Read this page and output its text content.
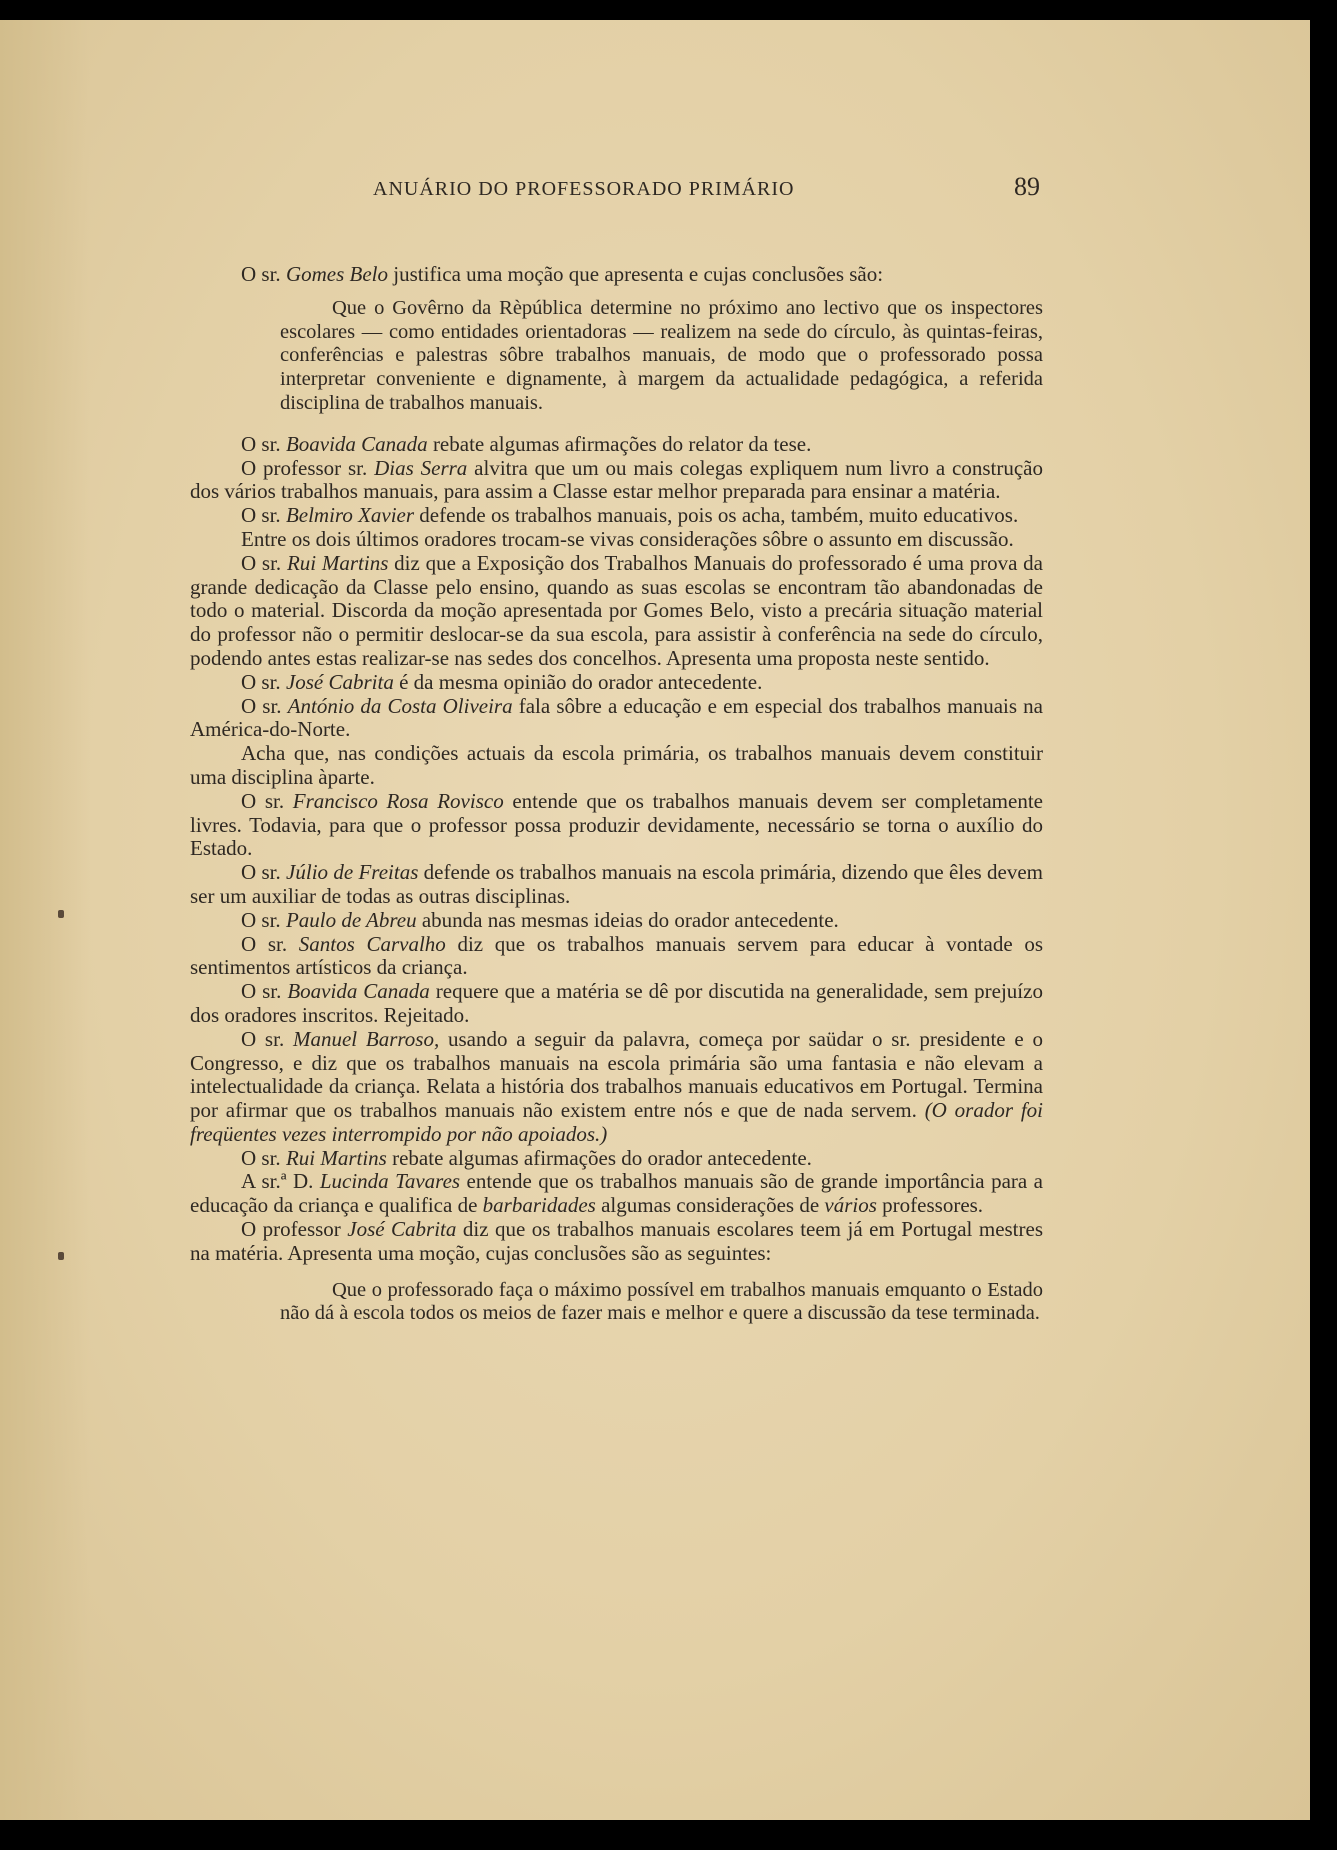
ANUÁRIO DO PROFESSORADO PRIMÁRIO	89

O sr. Gomes Belo justifica uma moção que apresenta e cujas conclusões são:

Que o Govêrno da Rèpública determine no próximo ano lectivo que os inspectores escolares — como entidades orientadoras — realizem na sede do círculo, às quintas-feiras, conferências e palestras sôbre trabalhos manuais, de modo que o professorado possa interpretar conveniente e dignamente, à margem da actualidade pedagógica, a referida disciplina de trabalhos manuais.

O sr. Boavida Canada rebate algumas afirmações do relator da tese.

O professor sr. Dias Serra alvitra que um ou mais colegas expliquem num livro a construção dos vários trabalhos manuais, para assim a Classe estar melhor preparada para ensinar a matéria.

O sr. Belmiro Xavier defende os trabalhos manuais, pois os acha, também, muito educativos.

Entre os dois últimos oradores trocam-se vivas considerações sôbre o assunto em discussão.

O sr. Rui Martins diz que a Exposição dos Trabalhos Manuais do professorado é uma prova da grande dedicação da Classe pelo ensino, quando as suas escolas se encontram tão abandonadas de todo o material. Discorda da moção apresentada por Gomes Belo, visto a precária situação material do professor não o permitir deslocar-se da sua escola, para assistir à conferência na sede do círculo, podendo antes estas realizar-se nas sedes dos concelhos. Apresenta uma proposta neste sentido.

O sr. José Cabrita é da mesma opinião do orador antecedente.

O sr. António da Costa Oliveira fala sôbre a educação e em especial dos trabalhos manuais na América-do-Norte.

Acha que, nas condições actuais da escola primária, os trabalhos manuais devem constituir uma disciplina àparte.

O sr. Francisco Rosa Rovisco entende que os trabalhos manuais devem ser completamente livres. Todavia, para que o professor possa produzir devidamente, necessário se torna o auxílio do Estado.

O sr. Júlio de Freitas defende os trabalhos manuais na escola primária, dizendo que êles devem ser um auxiliar de todas as outras disciplinas.

O sr. Paulo de Abreu abunda nas mesmas ideias do orador antecedente.

O sr. Santos Carvalho diz que os trabalhos manuais servem para educar à vontade os sentimentos artísticos da criança.

O sr. Boavida Canada requere que a matéria se dê por discutida na generalidade, sem prejuízo dos oradores inscritos. Rejeitado.

O sr. Manuel Barroso, usando a seguir da palavra, começa por saüdar o sr. presidente e o Congresso, e diz que os trabalhos manuais na escola primária são uma fantasia e não elevam a intelectualidade da criança. Relata a história dos trabalhos manuais educativos em Portugal. Termina por afirmar que os trabalhos manuais não existem entre nós e que de nada servem. (O orador foi freqüentes vezes interrompido por não apoiados.)

O sr. Rui Martins rebate algumas afirmações do orador antecedente.

A sr.ª D. Lucinda Tavares entende que os trabalhos manuais são de grande importância para a educação da criança e qualifica de barbaridades algumas considerações de vários professores.

O professor José Cabrita diz que os trabalhos manuais escolares teem já em Portugal mestres na matéria. Apresenta uma moção, cujas conclusões são as seguintes:

Que o professorado faça o máximo possível em trabalhos manuais emquanto o Estado não dá à escola todos os meios de fazer mais e melhor e quere a discussão da tese terminada.
